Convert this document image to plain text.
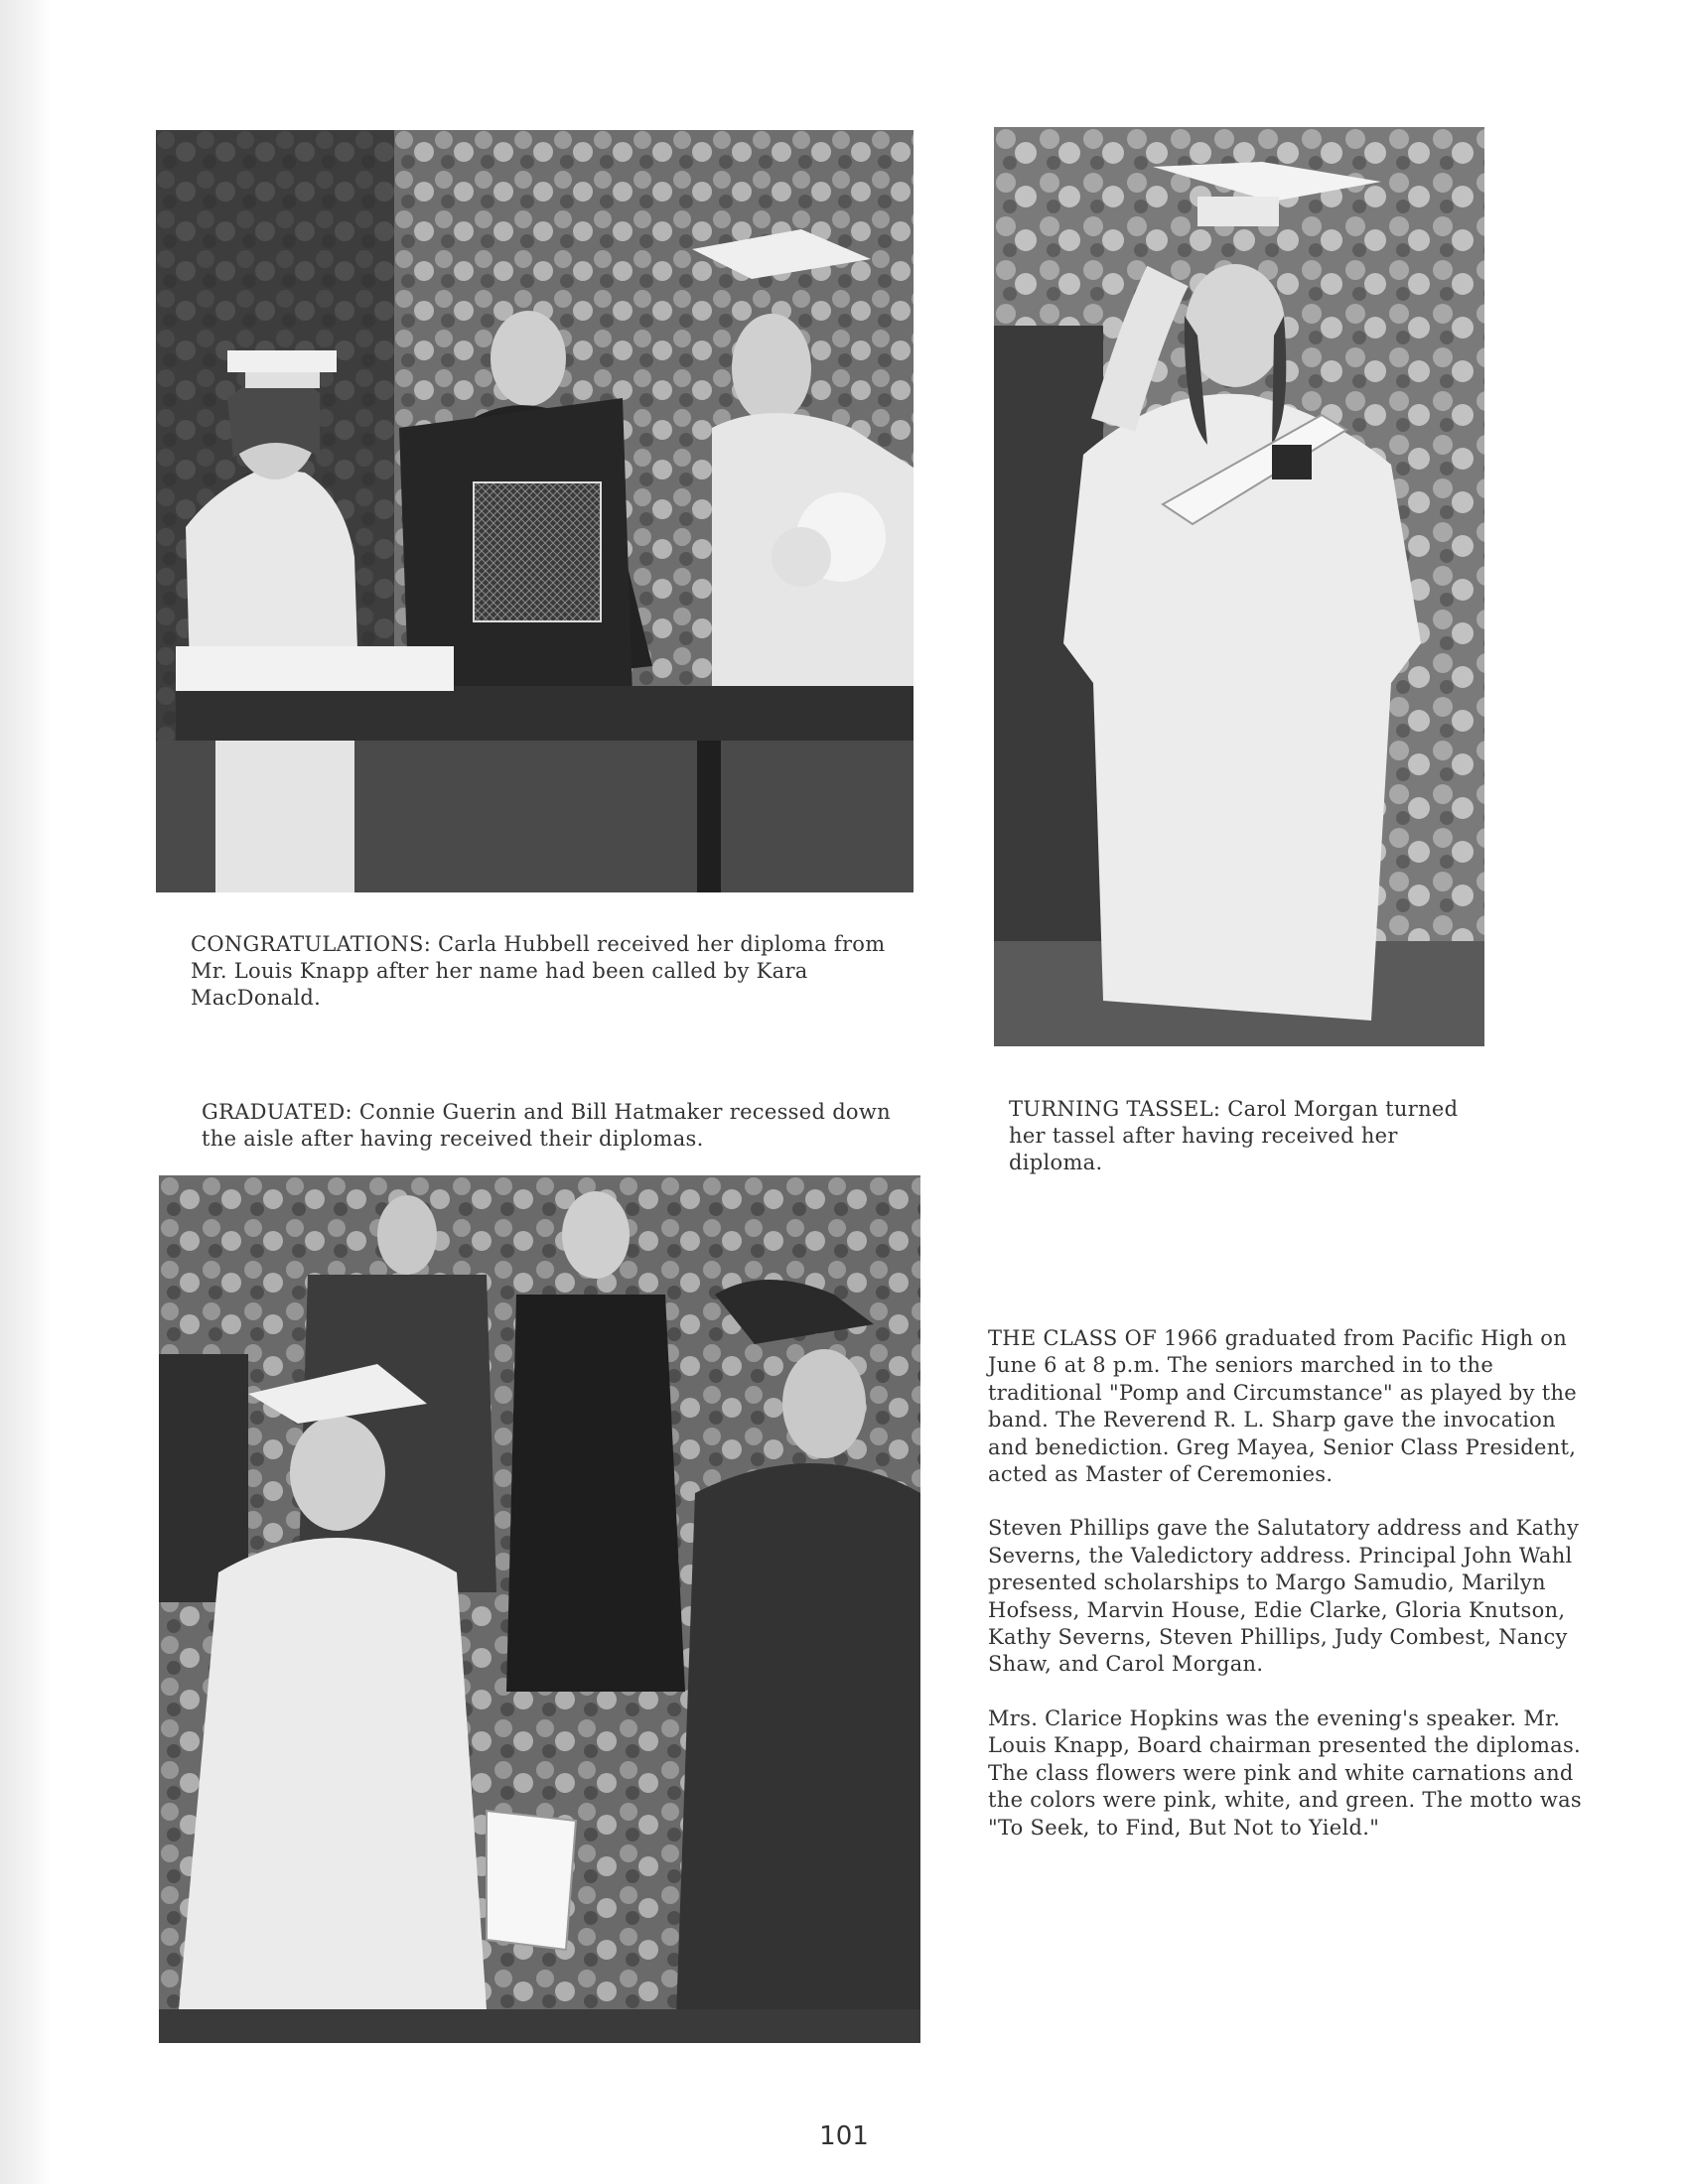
CONGRATULATIONS: Carla Hubbell received her diploma from Mr. Louis Knapp after her name had been called by Kara MacDonald.
GRADUATED: Connie Guerin and Bill Hatmaker recessed down the aisle after having received their diplomas.
TURNING TASSEL: Carol Morgan turned her tassel after having received her diploma.

THE CLASS OF 1966 graduated from Pacific High on June 6 at 8 p.m. The seniors marched in to the traditional "Pomp and Circumstance" as played by the band. The Reverend R. L. Sharp gave the invocation and benediction. Greg Mayea, Senior Class President, acted as Master of Ceremonies.

Steven Phillips gave the Salutatory address and Kathy Severns, the Valedictory address. Principal John Wahl presented scholarships to Margo Samudio, Marilyn Hofsess, Marvin House, Edie Clarke, Gloria Knutson, Kathy Severns, Steven Phillips, Judy Combest, Nancy Shaw, and Carol Morgan.

Mrs. Clarice Hopkins was the evening's speaker. Mr. Louis Knapp, Board chairman presented the diplomas. The class flowers were pink and white carnations and the colors were pink, white, and green. The motto was "To Seek, to Find, But Not to Yield."

101
